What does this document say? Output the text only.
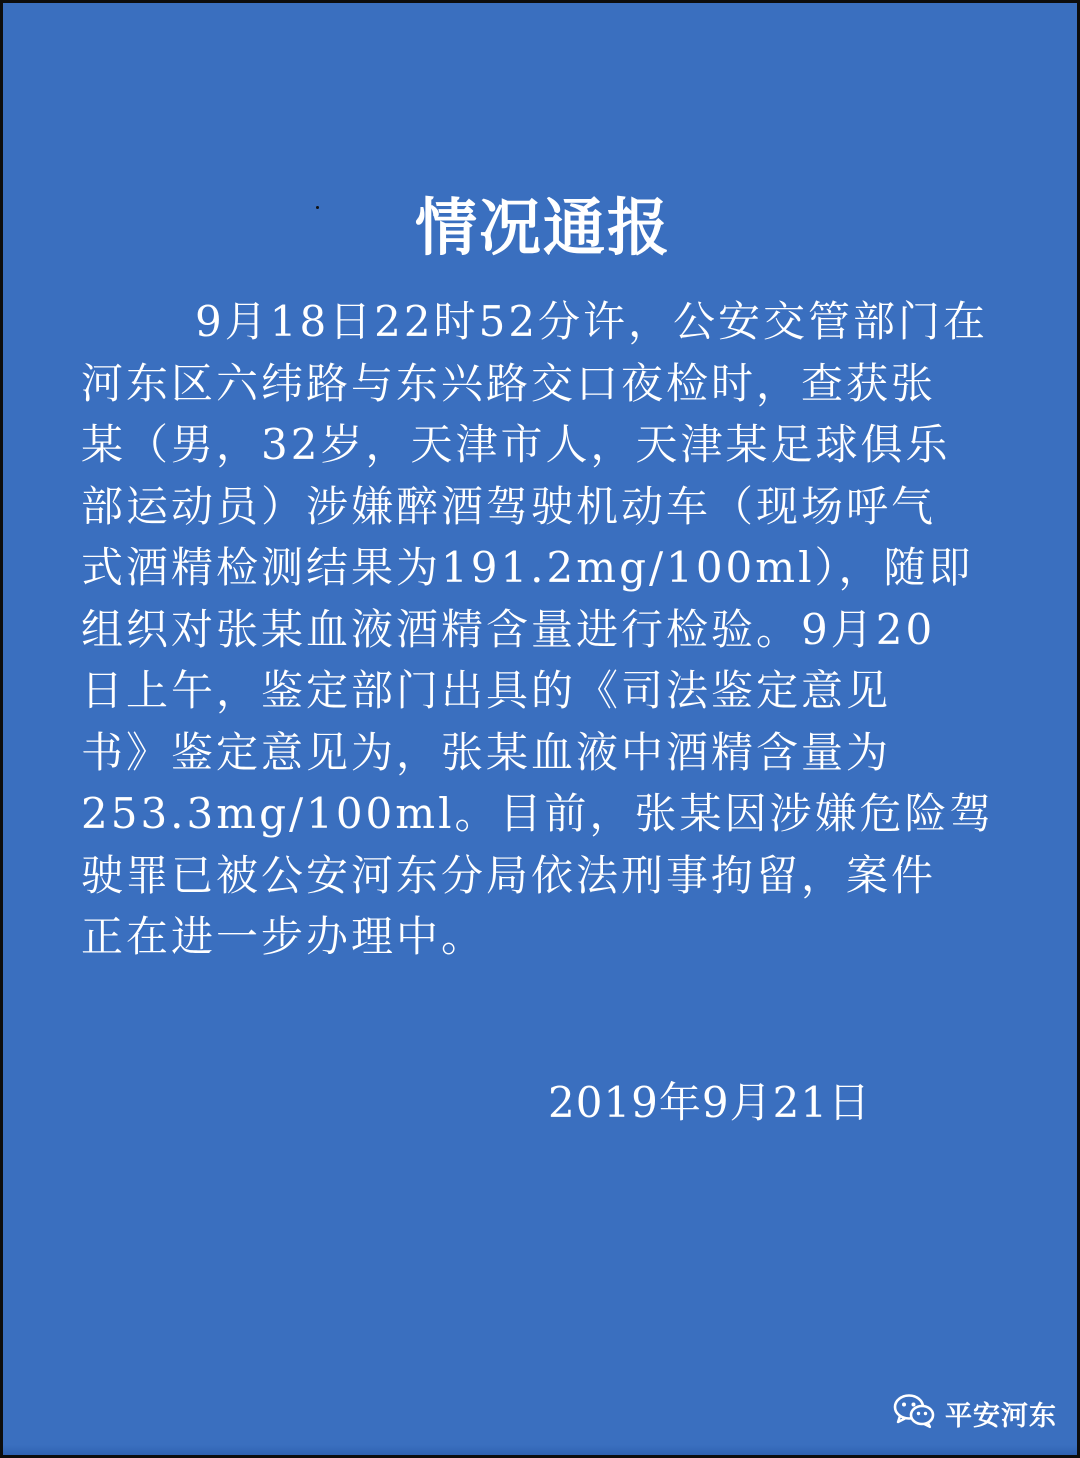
情况通报
9月18日22时52分许，公安交管部门在
河东区六纬路与东兴路交口夜检时，查获张
某（男，32岁，天津市人，天津某足球俱乐
部运动员）涉嫌醉酒驾驶机动车（现场呼气
式酒精检测结果为191.2mg/100ml），随即
组织对张某血液酒精含量进行检验。9月20
日上午，鉴定部门出具的《司法鉴定意见
书》鉴定意见为，张某血液中酒精含量为
253.3mg/100ml。目前，张某因涉嫌危险驾
驶罪已被公安河东分局依法刑事拘留，案件
正在进一步办理中。
2019年9月21日
平安河东
